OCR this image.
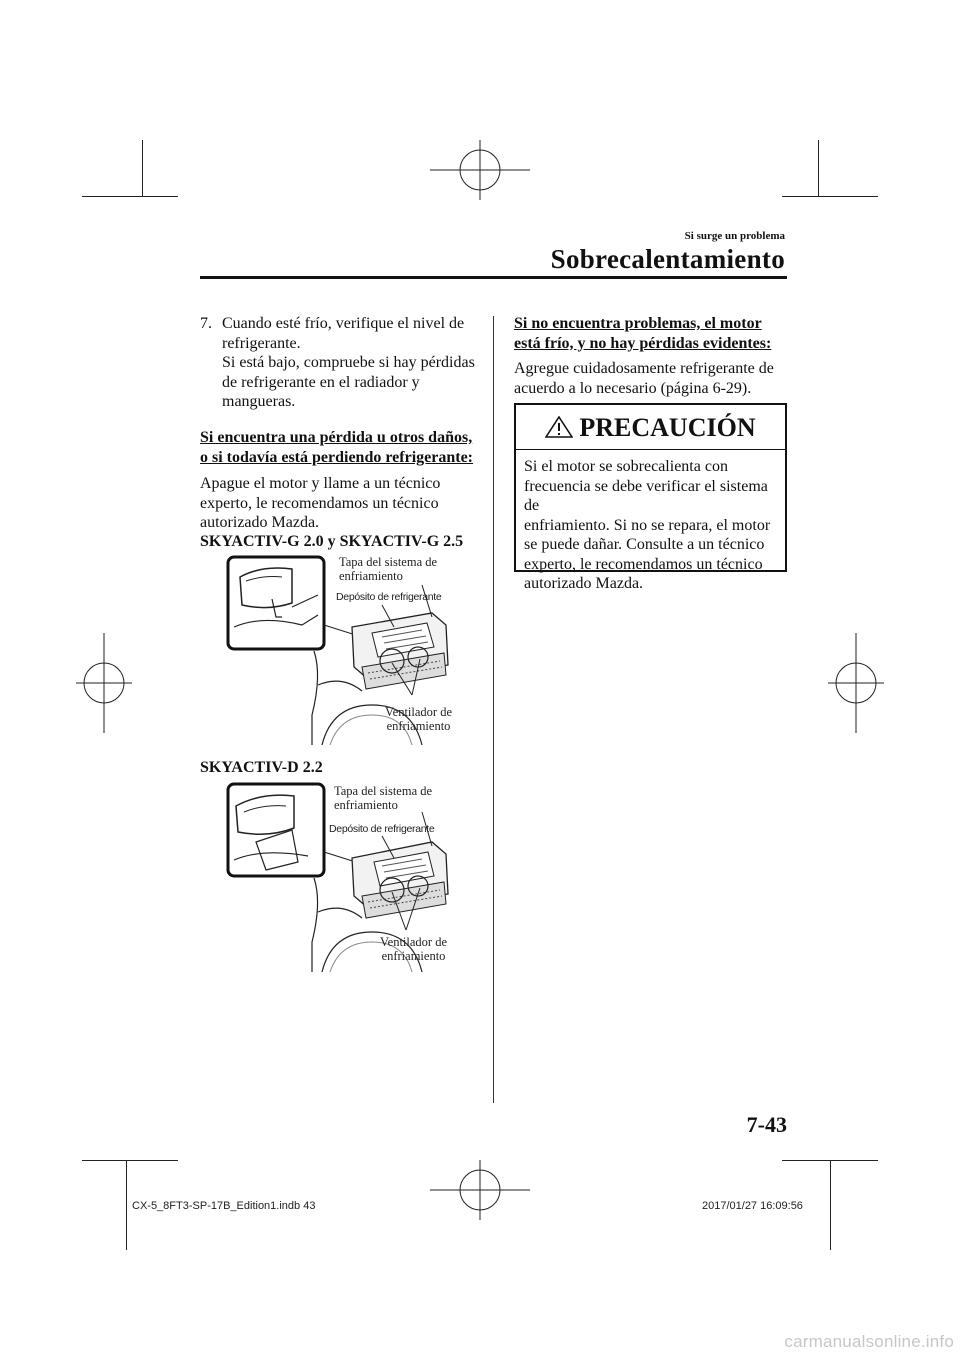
Si surge un problema
Sobrecalentamiento
7. Cuando esté frío, verifique el nivel de
refrigerante.
Si está bajo, compruebe si hay pérdidas
de refrigerante en el radiador y
mangueras.
Si encuentra una pérdida u otros daños,
o si todavía está perdiendo refrigerante:
Apague el motor y llame a un técnico
experto, le recomendamos un técnico
autorizado Mazda.
SKYACTIV-G 2.0 y SKYACTIV-G 2.5
Tapa del sistema de
enfriamiento
Depósito de refrigerante
Ventilador de
enfriamiento
SKYACTIV-D 2.2
Tapa del sistema de
enfriamiento
Depósito de refrigerante
Ventilador de
enfriamiento
Si no encuentra problemas, el motor
está frío, y no hay pérdidas evidentes:
Agregue cuidadosamente refrigerante de
acuerdo a lo necesario (página 6-29).
PRECAUCIÓN
Si el motor se sobrecalienta con
frecuencia se debe verificar el sistema de
enfriamiento. Si no se repara, el motor
se puede dañar. Consulte a un técnico
experto, le recomendamos un técnico
autorizado Mazda.
7-43
CX-5_8FT3-SP-17B_Edition1.indb 43	2017/01/27 16:09:56
carmanualsonline.info
